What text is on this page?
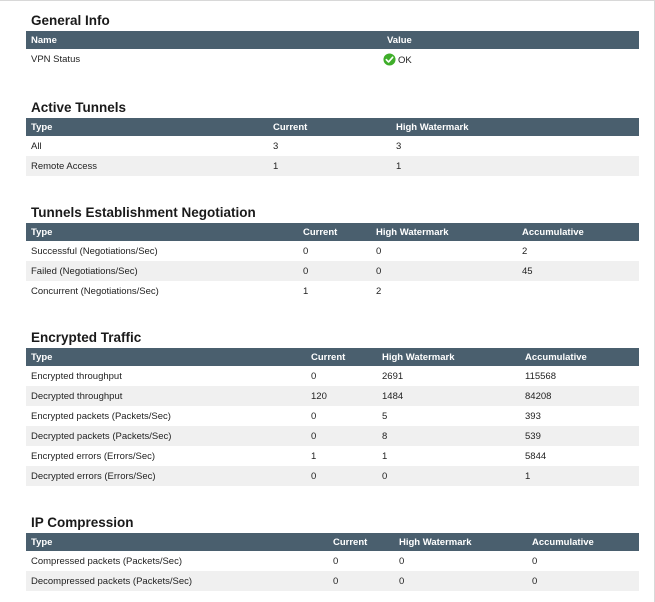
General Info
Name	Value
VPN Status	OK
Active Tunnels
Type	Current	High Watermark
All	3	3
Remote Access	1	1
Tunnels Establishment Negotiation
Type	Current	High Watermark	Accumulative
Successful (Negotiations/Sec)	0	0	2
Failed (Negotiations/Sec)	0	0	45
Concurrent (Negotiations/Sec)	1	2	
Encrypted Traffic
Type	Current	High Watermark	Accumulative
Encrypted throughput	0	2691	115568
Decrypted throughput	120	1484	84208
Encrypted packets (Packets/Sec)	0	5	393
Decrypted packets (Packets/Sec)	0	8	539
Encrypted errors (Errors/Sec)	1	1	5844
Decrypted errors (Errors/Sec)	0	0	1
IP Compression
Type	Current	High Watermark	Accumulative
Compressed packets (Packets/Sec)	0	0	0
Decompressed packets (Packets/Sec)	0	0	0
